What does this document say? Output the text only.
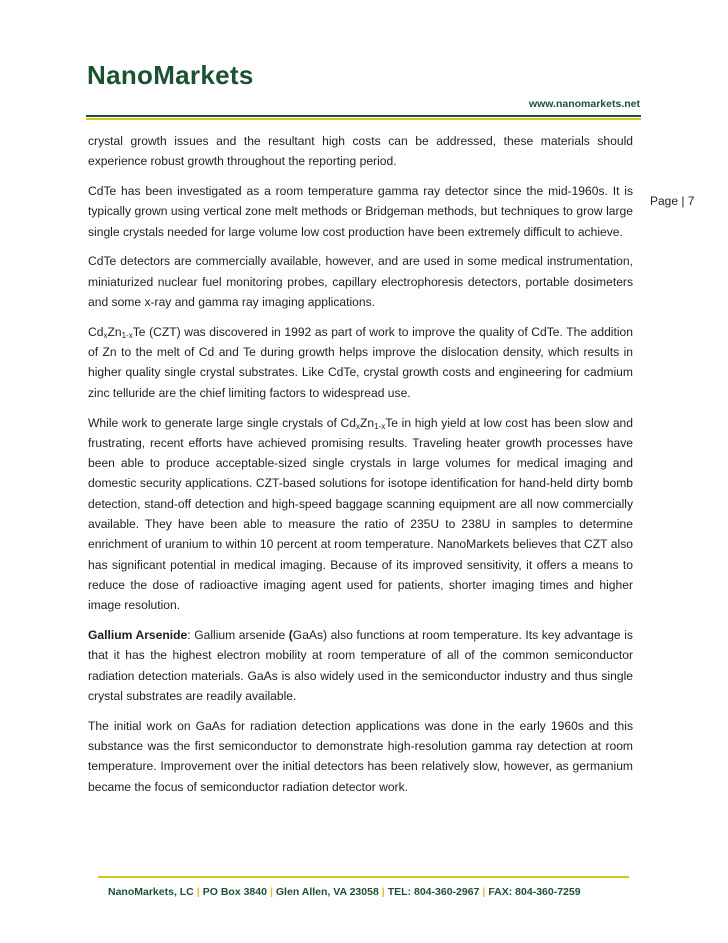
NanoMarkets
www.nanomarkets.net
Page | 7

crystal growth issues and the resultant high costs can be addressed, these materials should experience robust growth throughout the reporting period.

CdTe has been investigated as a room temperature gamma ray detector since the mid-1960s. It is typically grown using vertical zone melt methods or Bridgeman methods, but techniques to grow large single crystals needed for large volume low cost production have been extremely difficult to achieve.

CdTe detectors are commercially available, however, and are used in some medical instrumentation, miniaturized nuclear fuel monitoring probes, capillary electrophoresis detectors, portable dosimeters and some x-ray and gamma ray imaging applications.

$Cd_xZn_{1-x}Te$ (CZT) was discovered in 1992 as part of work to improve the quality of CdTe. The addition of Zn to the melt of Cd and Te during growth helps improve the dislocation density, which results in higher quality single crystal substrates. Like CdTe, crystal growth costs and engineering for cadmium zinc telluride are the chief limiting factors to widespread use.

While work to generate large single crystals of $Cd_xZn_{1-x}Te$ in high yield at low cost has been slow and frustrating, recent efforts have achieved promising results. Traveling heater growth processes have been able to produce acceptable-sized single crystals in large volumes for medical imaging and domestic security applications. CZT-based solutions for isotope identification for hand-held dirty bomb detection, stand-off detection and high-speed baggage scanning equipment are all now commercially available. They have been able to measure the ratio of 235U to 238U in samples to determine enrichment of uranium to within 10 percent at room temperature. NanoMarkets believes that CZT also has significant potential in medical imaging. Because of its improved sensitivity, it offers a means to reduce the dose of radioactive imaging agent used for patients, shorter imaging times and higher image resolution.

Gallium Arsenide: Gallium arsenide (GaAs) also functions at room temperature. Its key advantage is that it has the highest electron mobility at room temperature of all of the common semiconductor radiation detection materials. GaAs is also widely used in the semiconductor industry and thus single crystal substrates are readily available.

The initial work on GaAs for radiation detection applications was done in the early 1960s and this substance was the first semiconductor to demonstrate high-resolution gamma ray detection at room temperature. Improvement over the initial detectors has been relatively slow, however, as germanium became the focus of semiconductor radiation detector work.

NanoMarkets, LC | PO Box 3840 | Glen Allen, VA 23058 | TEL: 804-360-2967 | FAX: 804-360-7259
